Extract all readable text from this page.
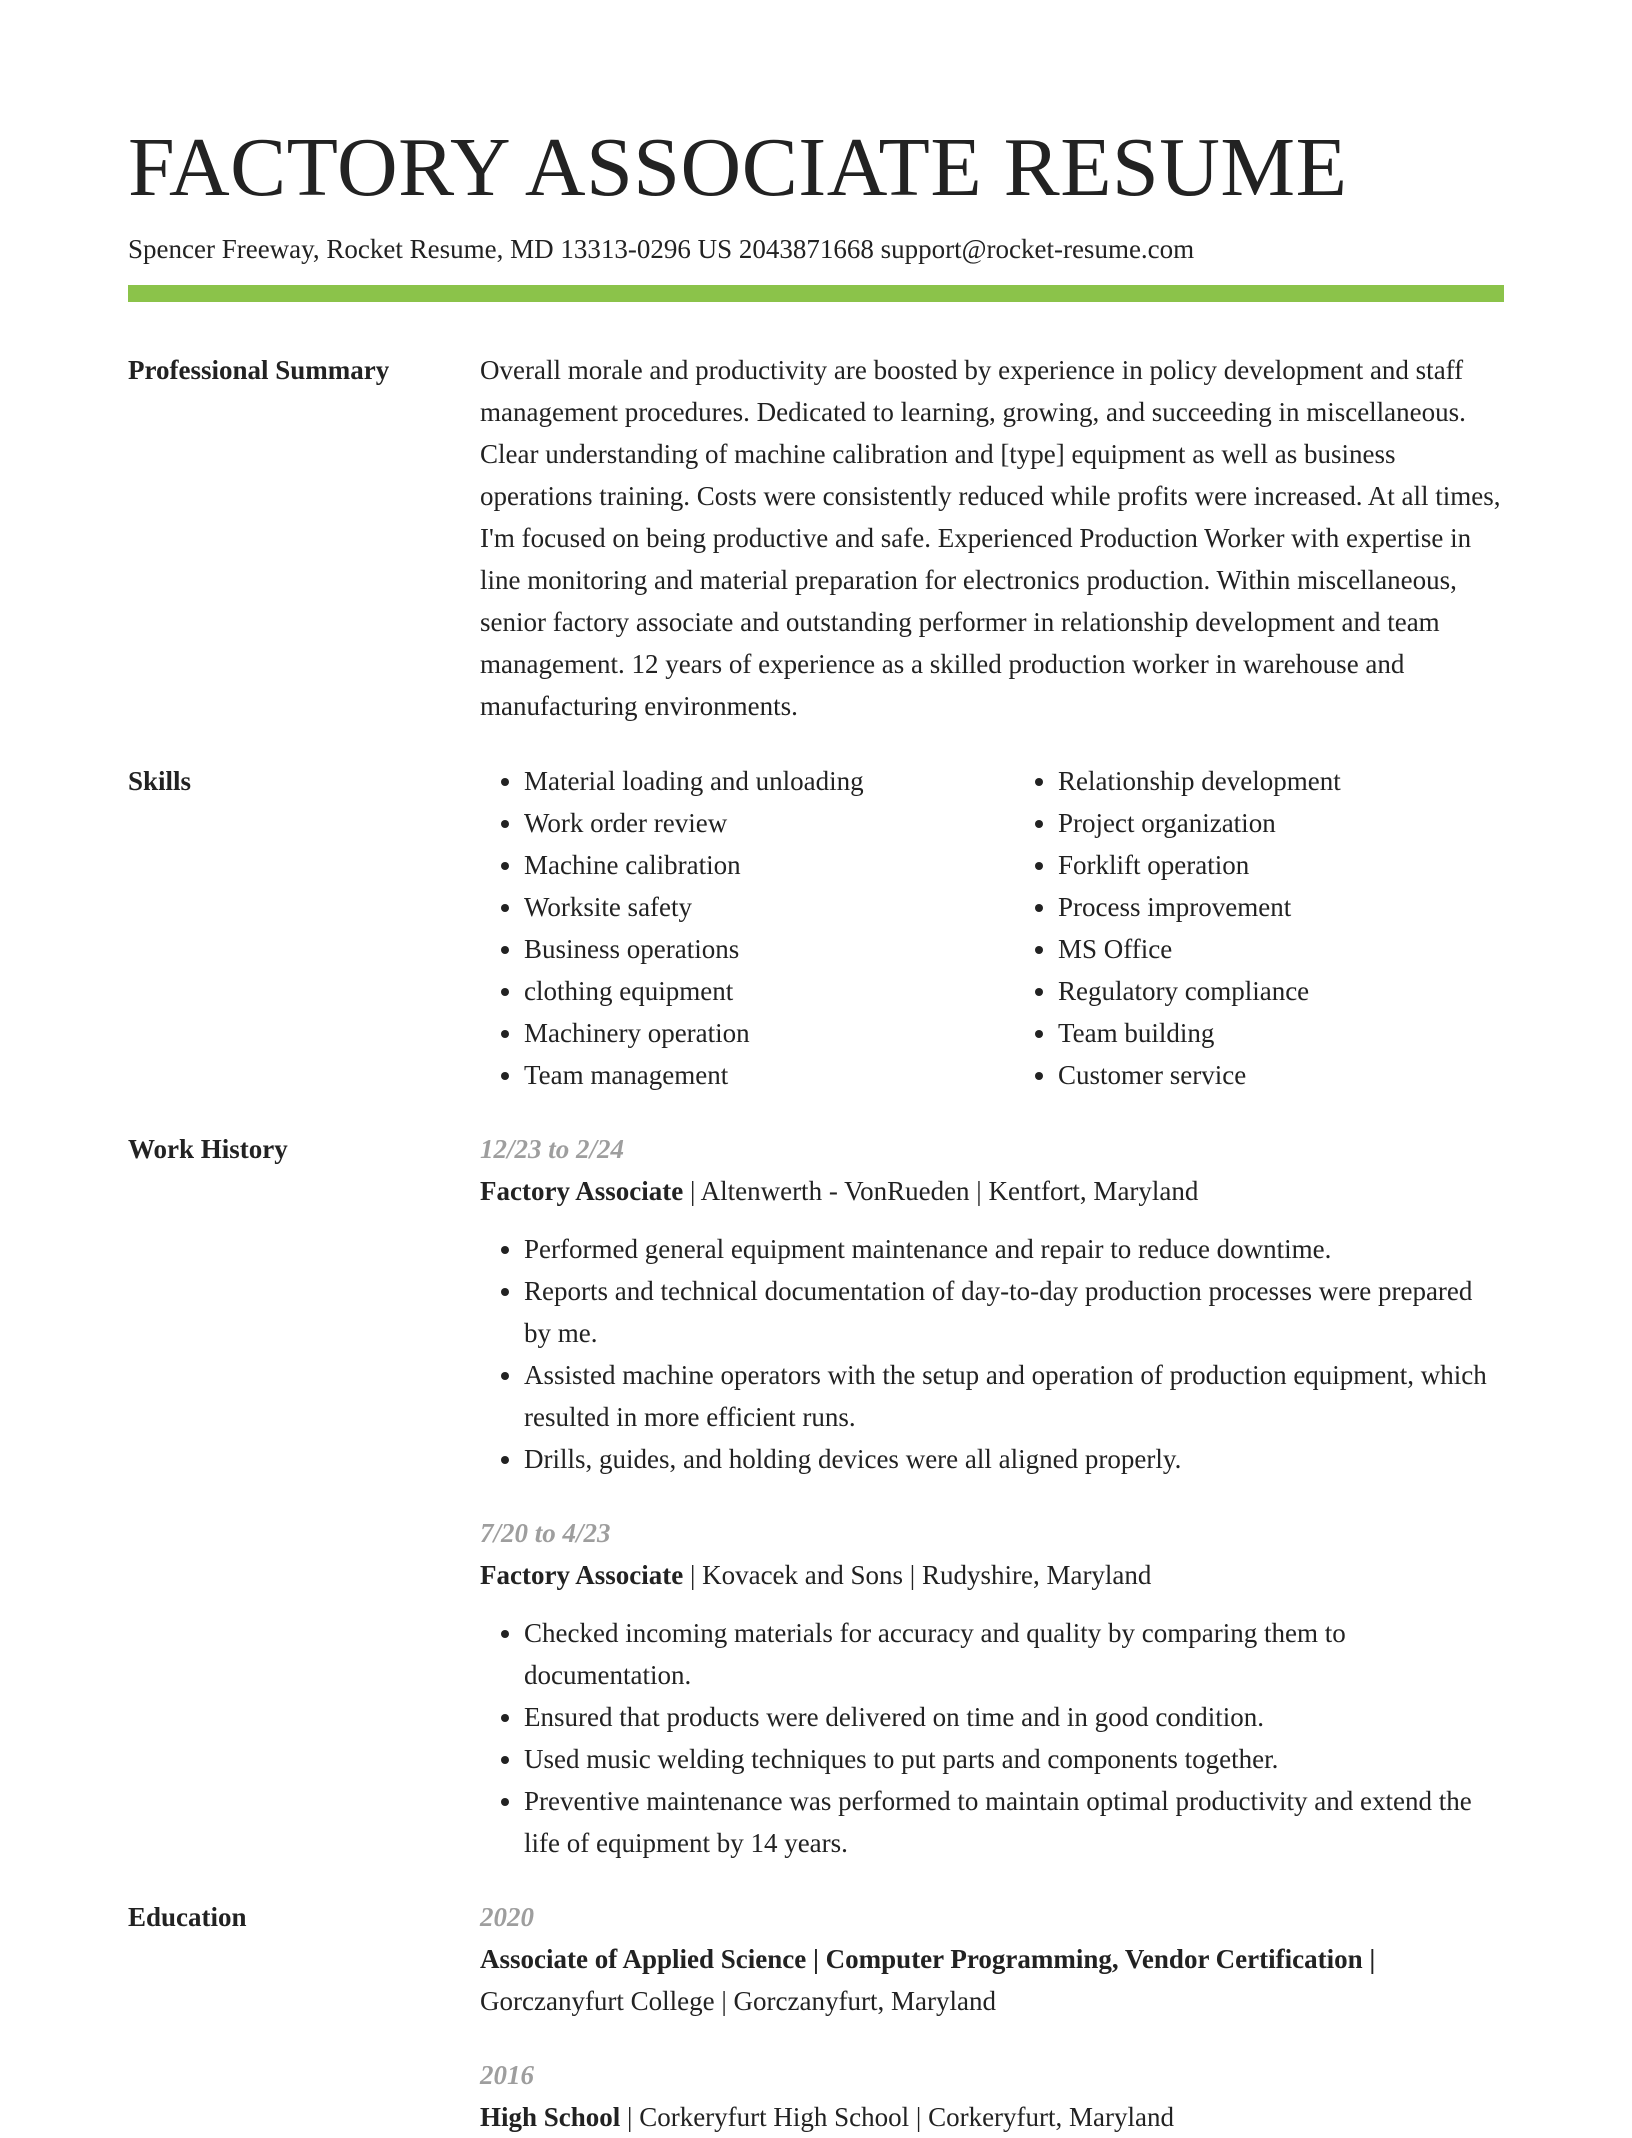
FACTORY ASSOCIATE RESUME
Spencer Freeway, Rocket Resume, MD 13313-0296 US 2043871668 support@rocket-resume.com
Professional Summary	Overall morale and productivity are boosted by experience in policy development and staff management procedures. Dedicated to learning, growing, and succeeding in miscellaneous. Clear understanding of machine calibration and [type] equipment as well as business operations training. Costs were consistently reduced while profits were increased. At all times, I'm focused on being productive and safe. Experienced Production Worker with expertise in line monitoring and material preparation for electronics production. Within miscellaneous, senior factory associate and outstanding performer in relationship development and team management. 12 years of experience as a skilled production worker in warehouse and manufacturing environments.

Skills
•	Material loading and unloading
• Work order review
• Machine calibration
• Worksite safety
• Business operations
• clothing equipment
• Machinery operation
• Team management
• Relationship development
• Project organization
• Forklift operation
• Process improvement
• MS Office
• Regulatory compliance
• Team building
• Customer service
Work History	12/23 to 2/24
Factory Associate | Altenwerth - VonRueden | Kentfort, Maryland
• Performed general equipment maintenance and repair to reduce downtime.
• Reports and technical documentation of day-to-day production processes were prepared by me.
• Assisted machine operators with the setup and operation of production equipment, which resulted in more efficient runs.
• Drills, guides, and holding devices were all aligned properly.
7/20 to 4/23
Factory Associate | Kovacek and Sons | Rudyshire, Maryland
• Checked incoming materials for accuracy and quality by comparing them to documentation.
• Ensured that products were delivered on time and in good condition.
• Used music welding techniques to put parts and components together.
• Preventive maintenance was performed to maintain optimal productivity and extend the life of equipment by 14 years.
Education	2020
Associate of Applied Science | Computer Programming, Vendor Certification |
Gorczanyfurt College | Gorczanyfurt, Maryland
2016
High School | Corkeryfurt High School | Corkeryfurt, Maryland
